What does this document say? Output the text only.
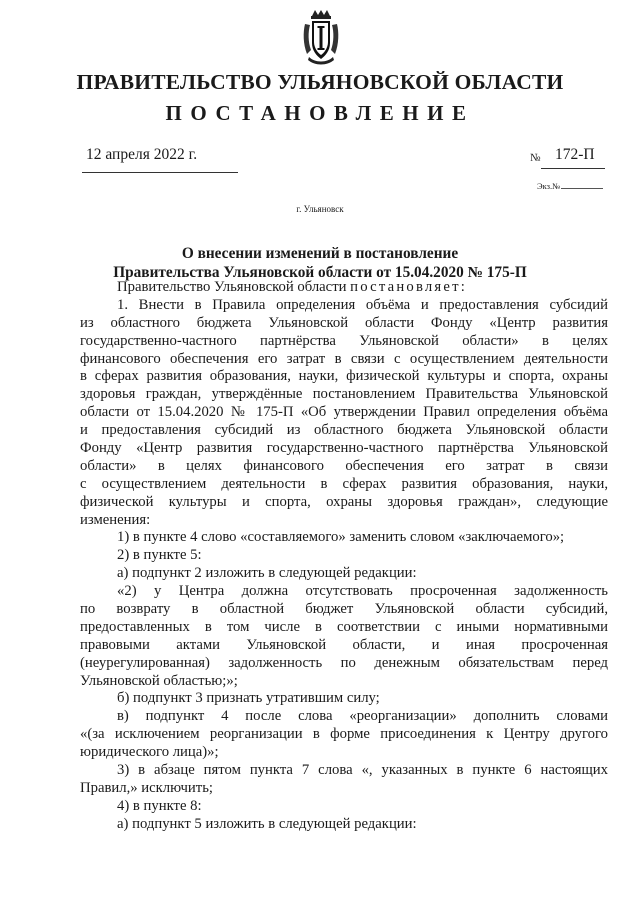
ПРАВИТЕЛЬСТВО УЛЬЯНОВСКОЙ ОБЛАСТИ
ПОСТАНОВЛЕНИЕ
12 апреля 2022 г.	№ 172-П
Экз.№
г. Ульяновск
О внесении изменений в постановление
Правительства Ульяновской области от 15.04.2020 № 175-П
Правительство Ульяновской области постановляет:
1. Внести в Правила определения объёма и предоставления субсидий
из областного бюджета Ульяновской области Фонду «Центр развития
государственно-частного партнёрства Ульяновской области» в целях
финансового обеспечения его затрат в связи с осуществлением деятельности
в сферах развития образования, науки, физической культуры и спорта, охраны
здоровья граждан, утверждённые постановлением Правительства Ульяновской
области от 15.04.2020 № 175-П «Об утверждении Правил определения объёма
и предоставления субсидий из областного бюджета Ульяновской области
Фонду «Центр развития государственно-частного партнёрства Ульяновской
области» в целях финансового обеспечения его затрат в связи
с осуществлением деятельности в сферах развития образования, науки,
физической культуры и спорта, охраны здоровья граждан», следующие
изменения:
1) в пункте 4 слово «составляемого» заменить словом «заключаемого»;
2) в пункте 5:
а) подпункт 2 изложить в следующей редакции:
«2) у Центра должна отсутствовать просроченная задолженность
по возврату в областной бюджет Ульяновской области субсидий,
предоставленных в том числе в соответствии с иными нормативными
правовыми актами Ульяновской области, и иная просроченная
(неурегулированная) задолженность по денежным обязательствам перед
Ульяновской областью;»;
б) подпункт 3 признать утратившим силу;
в) подпункт 4 после слова «реорганизации» дополнить словами
«(за исключением реорганизации в форме присоединения к Центру другого
юридического лица)»;
3) в абзаце пятом пункта 7 слова «, указанных в пункте 6 настоящих
Правил,» исключить;
4) в пункте 8:
а) подпункт 5 изложить в следующей редакции:
